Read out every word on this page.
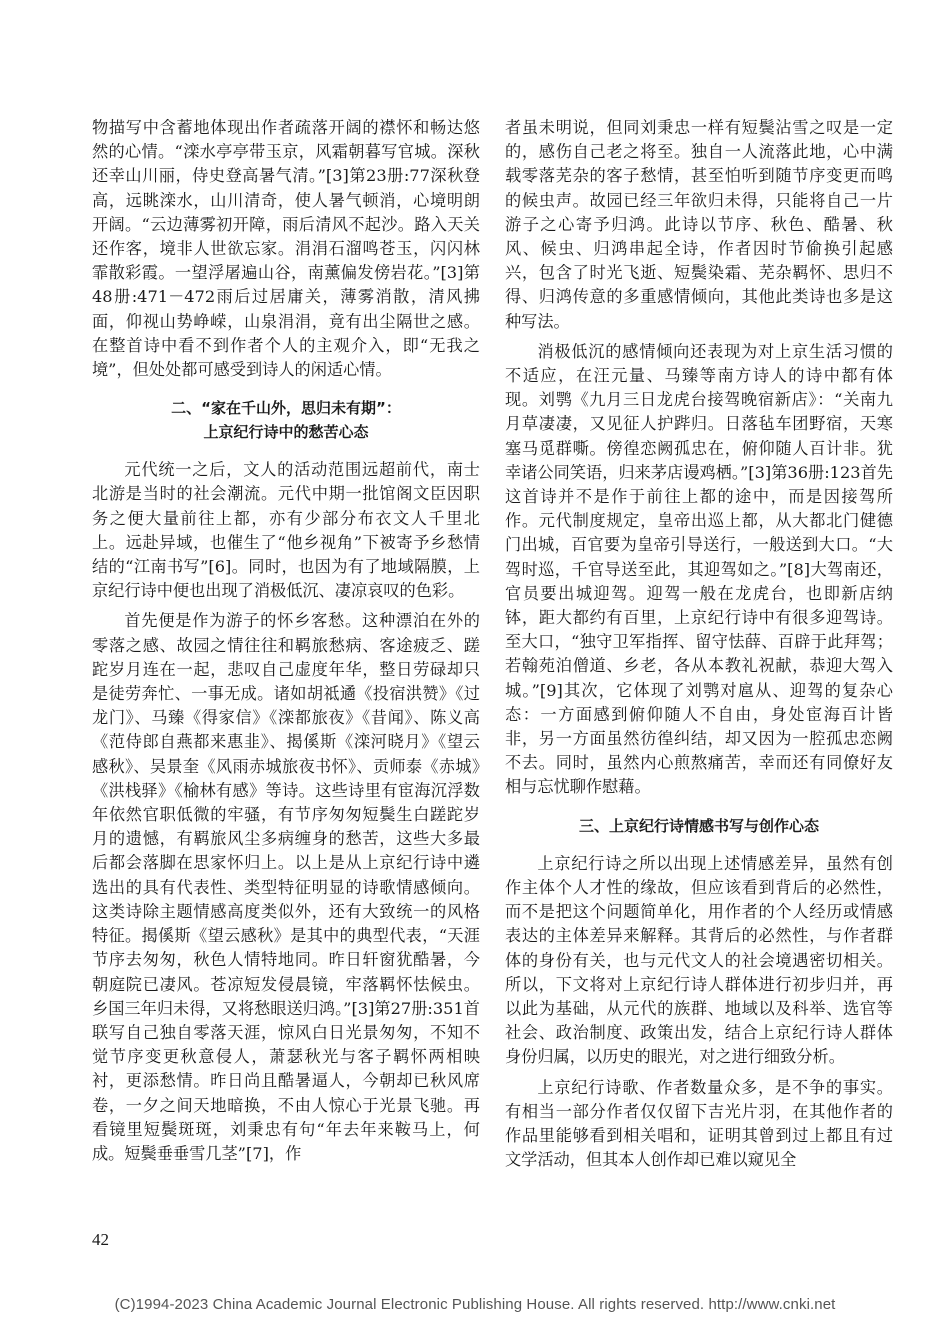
物描写中含蓄地体现出作者疏落开阔的襟怀和畅达悠然的心情。“滦水亭亭带玉京，风霜朝暮写官城。深秋还幸山川丽，侍史登高暑气清。”[3]第23册:77深秋登高，远眺滦水，山川清奇，使人暑气顿消，心境明朗开阔。“云边薄雾初开障，雨后清风不起沙。路入天关还作客，境非人世欲忘家。涓涓石溜鸣苍玉，闪闪林霏散彩霞。一望浮屠遍山谷，南薰偏发傍岩花。”[3]第48册:471－472雨后过居庸关，薄雾消散，清风拂面，仰视山势峥嵘，山泉涓涓，竟有出尘隔世之感。在整首诗中看不到作者个人的主观介入，即“无我之境”，但处处都可感受到诗人的闲适心情。

二、“家在千山外，思归未有期”：
上京纪行诗中的愁苦心态

元代统一之后，文人的活动范围远超前代，南士北游是当时的社会潮流。元代中期一批馆阁文臣因职务之便大量前往上都，亦有少部分布衣文人千里北上。远赴异域，也催生了“他乡视角”下被寄予乡愁情结的“江南书写”[6]。同时，也因为有了地域隔膜，上京纪行诗中便也出现了消极低沉、凄凉哀叹的色彩。

首先便是作为游子的怀乡客愁。这种漂泊在外的零落之感、故园之情往往和羁旅愁病、客途疲乏、蹉跎岁月连在一起，悲叹自己虚度年华，整日劳碌却只是徒劳奔忙、一事无成。诸如胡祗遹《投宿洪赞》《过龙门》、马臻《得家信》《滦都旅夜》《昔闻》、陈义高《范侍郎自燕都来惠韭》、揭傒斯《滦河晓月》《望云感秋》、吴景奎《风雨赤城旅夜书怀》、贡师泰《赤城》《洪栈驿》《榆林有感》等诗。这些诗里有宦海沉浮数年依然官职低微的牢骚，有节序匆匆短鬓生白蹉跎岁月的遗憾，有羁旅风尘多病缠身的愁苦，这些大多最后都会落脚在思家怀归上。以上是从上京纪行诗中遴选出的具有代表性、类型特征明显的诗歌情感倾向。这类诗除主题情感高度类似外，还有大致统一的风格特征。揭傒斯《望云感秋》是其中的典型代表，“天涯节序去匆匆，秋色人情特地同。昨日轩窗犹酷暑，今朝庭院已凄风。苍凉短发侵晨镜，牢落羁怀怯候虫。乡国三年归未得，又将愁眼送归鸿。”[3]第27册:351首联写自己独自零落天涯，惊风白日光景匆匆，不知不觉节序变更秋意侵人，萧瑟秋光与客子羁怀两相映衬，更添愁情。昨日尚且酷暑逼人，今朝却已秋风席卷，一夕之间天地暗换，不由人惊心于光景飞驰。再看镜里短鬓斑斑，刘秉忠有句“年去年来鞍马上，何成。短鬓垂垂雪几茎”[7]，作

者虽未明说，但同刘秉忠一样有短鬓沾雪之叹是一定的，感伤自己老之将至。独自一人流落此地，心中满载零落芜杂的客子愁情，甚至怕听到随节序变更而鸣的候虫声。故园已经三年欲归未得，只能将自己一片游子之心寄予归鸿。此诗以节序、秋色、酷暑、秋风、候虫、归鸿串起全诗，作者因时节偷换引起感兴，包含了时光飞逝、短鬓染霜、芜杂羁怀、思归不得、归鸿传意的多重感情倾向，其他此类诗也多是这种写法。

消极低沉的感情倾向还表现为对上京生活习惯的不适应，在汪元量、马臻等南方诗人的诗中都有体现。刘鹗《九月三日龙虎台接驾晚宿新店》：“关南九月草凄凄，又见征人护跸归。日落毡车团野宿，天寒塞马觅群嘶。傍徨恋阙孤忠在，俯仰随人百计非。犹幸诸公同笑语，归来茅店谩鸡栖。”[3]第36册:123首先这首诗并不是作于前往上都的途中，而是因接驾所作。元代制度规定，皇帝出巡上都，从大都北门健德门出城，百官要为皇帝引导送行，一般送到大口。“大驾时巡，千官导送至此，其迎驾如之。”[8]大驾南还，官员要出城迎驾。迎驾一般在龙虎台，也即新店纳钵，距大都约有百里，上京纪行诗中有很多迎驾诗。至大口，“独守卫军指挥、留守怯薛、百辟于此拜驾；若翰苑泊僧道、乡老，各从本教礼祝献，恭迎大驾入城。”[9]其次，它体现了刘鹗对扈从、迎驾的复杂心态：一方面感到俯仰随人不自由，身处宦海百计皆非，另一方面虽然彷徨纠结，却又因为一腔孤忠恋阙不去。同时，虽然内心煎熬痛苦，幸而还有同僚好友相与忘忧聊作慰藉。

三、上京纪行诗情感书写与创作心态

上京纪行诗之所以出现上述情感差异，虽然有创作主体个人才性的缘故，但应该看到背后的必然性，而不是把这个问题简单化，用作者的个人经历或情感表达的主体差异来解释。其背后的必然性，与作者群体的身份有关，也与元代文人的社会境遇密切相关。所以，下文将对上京纪行诗人群体进行初步归并，再以此为基础，从元代的族群、地域以及科举、选官等社会、政治制度、政策出发，结合上京纪行诗人群体身份归属，以历史的眼光，对之进行细致分析。

上京纪行诗歌、作者数量众多，是不争的事实。有相当一部分作者仅仅留下吉光片羽，在其他作者的作品里能够看到相关唱和，证明其曾到过上都且有过文学活动，但其本人创作却已难以窥见全

42
(C)1994-2023 China Academic Journal Electronic Publishing House. All rights reserved. http://www.cnki.net
